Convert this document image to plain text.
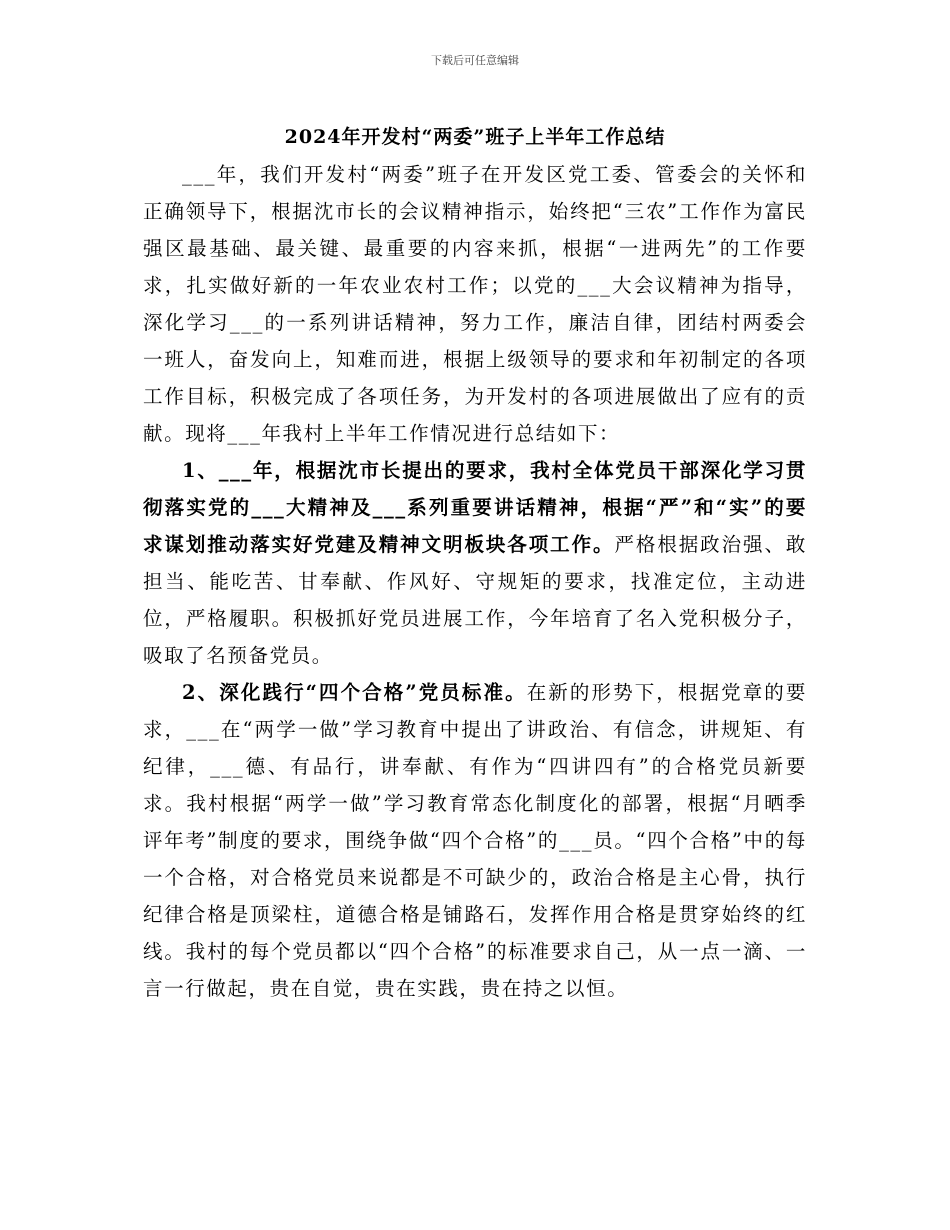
下载后可任意编辑
2024年开发村“两委”班子上半年工作总结

___年，我们开发村“两委”班子在开发区党工委、管委会的关怀和正确领导下，根据沈市长的会议精神指示，始终把“三农”工作作为富民强区最基础、最关键、最重要的内容来抓，根据“一进两先”的工作要求，扎实做好新的一年农业农村工作；以党的___大会议精神为指导，深化学习___的一系列讲话精神，努力工作，廉洁自律，团结村两委会一班人，奋发向上，知难而进，根据上级领导的要求和年初制定的各项工作目标，积极完成了各项任务，为开发村的各项进展做出了应有的贡献。现将___年我村上半年工作情况进行总结如下：

1、___年，根据沈市长提出的要求，我村全体党员干部深化学习贯彻落实党的___大精神及___系列重要讲话精神，根据“严”和“实”的要求谋划推动落实好党建及精神文明板块各项工作。严格根据政治强、敢担当、能吃苦、甘奉献、作风好、守规矩的要求，找准定位，主动进位，严格履职。积极抓好党员进展工作，今年培育了名入党积极分子，吸取了名预备党员。

2、深化践行“四个合格”党员标准。在新的形势下，根据党章的要求，___在“两学一做”学习教育中提出了讲政治、有信念，讲规矩、有纪律，___德、有品行，讲奉献、有作为“四讲四有”的合格党员新要求。我村根据“两学一做”学习教育常态化制度化的部署，根据“月晒季评年考”制度的要求，围绕争做“四个合格”的___员。“四个合格”中的每一个合格，对合格党员来说都是不可缺少的，政治合格是主心骨，执行纪律合格是顶梁柱，道德合格是铺路石，发挥作用合格是贯穿始终的红线。我村的每个党员都以“四个合格”的标准要求自己，从一点一滴、一言一行做起，贵在自觉，贵在实践，贵在持之以恒。
